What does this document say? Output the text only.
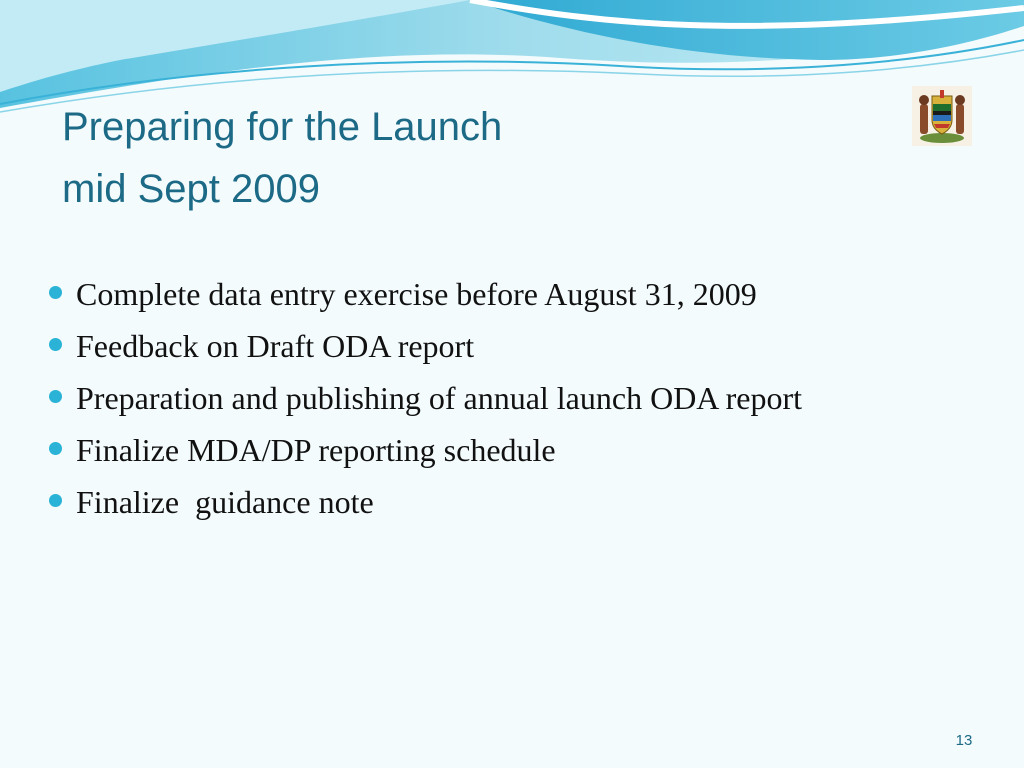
Preparing for the Launch
mid Sept 2009
Complete data entry exercise before August 31, 2009
Feedback on Draft ODA report
Preparation and publishing of annual launch ODA report
Finalize MDA/DP reporting schedule
Finalize  guidance note
13
